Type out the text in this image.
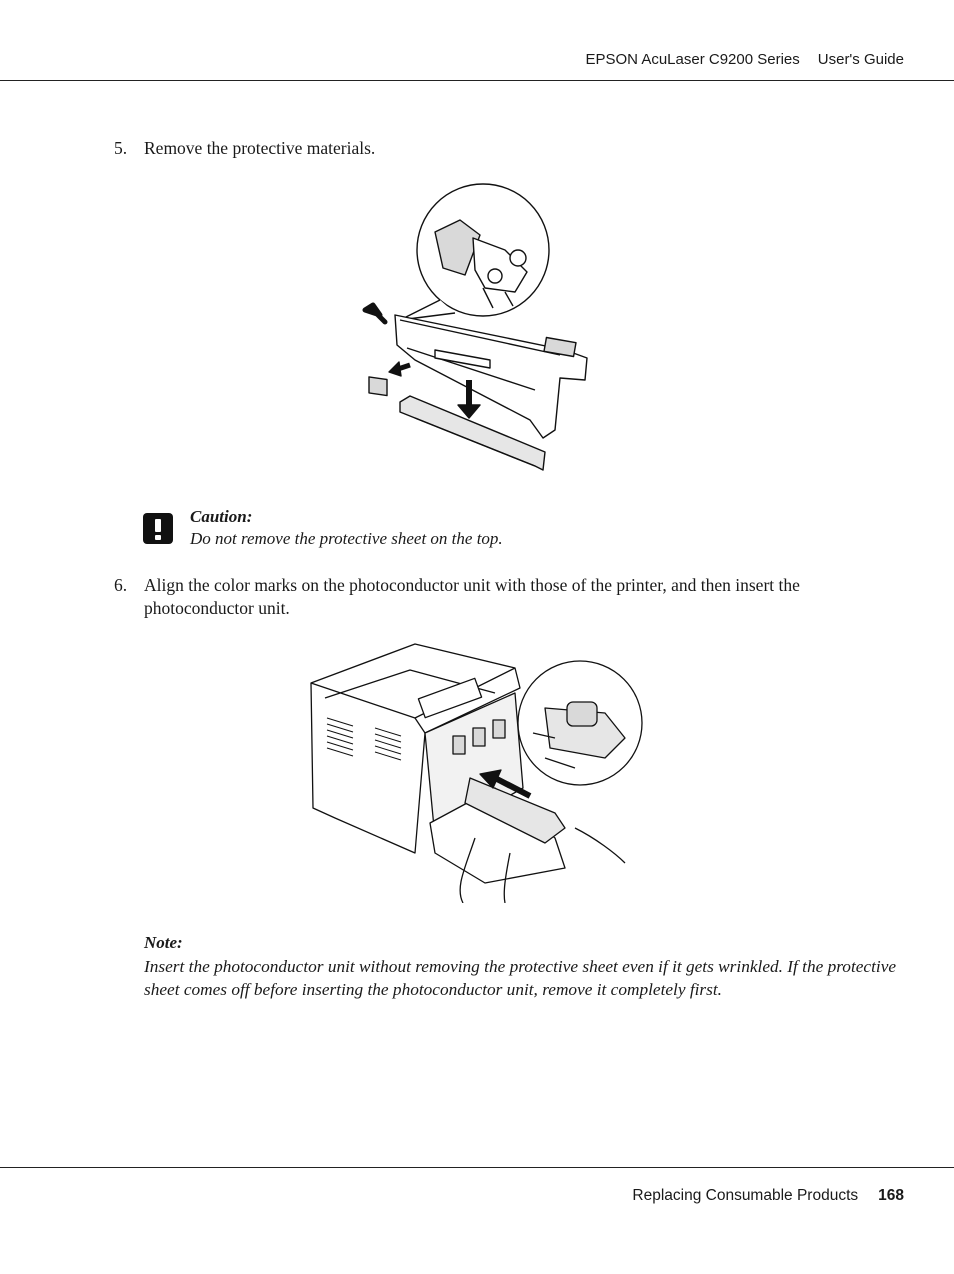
EPSON AcuLaser C9200 Series User's Guide
5. Remove the protective materials.
Caution:
Do not remove the protective sheet on the top.
6. Align the color marks on the photoconductor unit with those of the printer, and then insert the photoconductor unit.
Note:
Insert the photoconductor unit without removing the protective sheet even if it gets wrinkled. If the protective sheet comes off before inserting the photoconductor unit, remove it completely first.
Replacing Consumable Products 168
